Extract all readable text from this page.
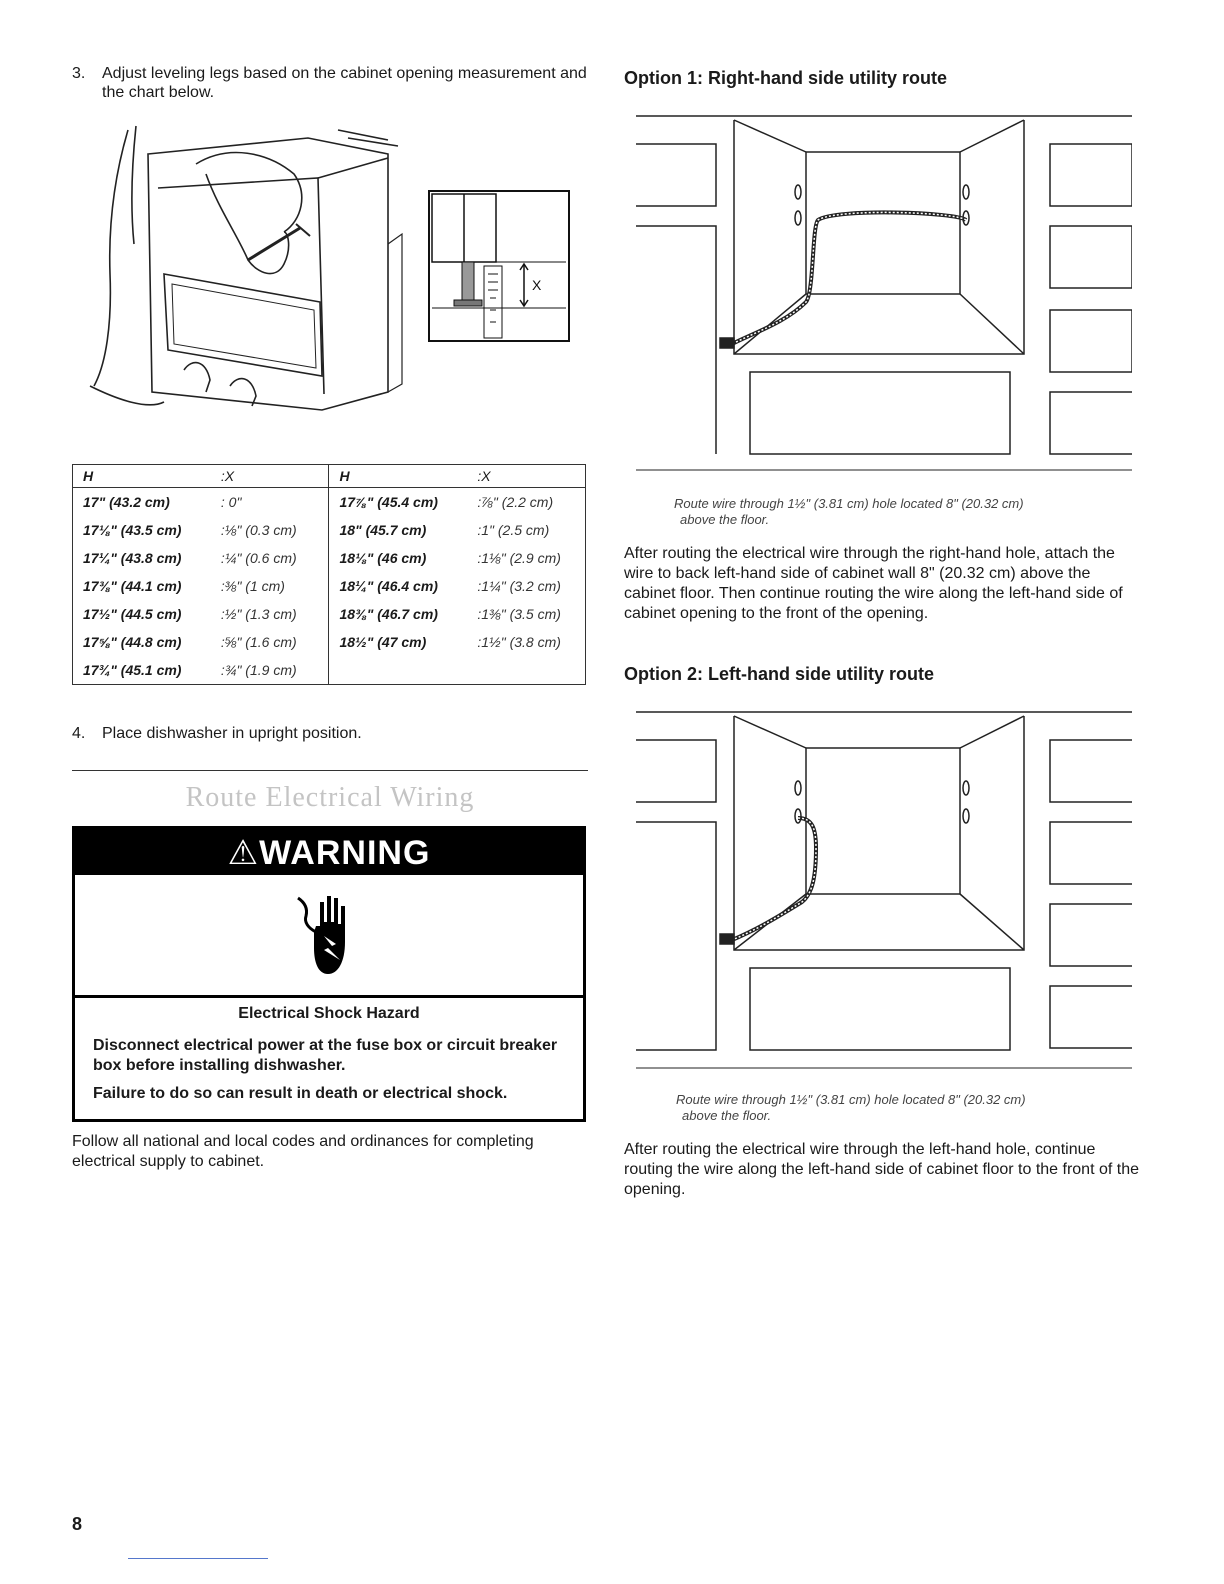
3.	Adjust leveling legs based on the cabinet opening measurement and the chart below.
X
H	:X	H	:X
17" (43.2 cm)	: 0"	17⅞" (45.4 cm)	:⅞" (2.2 cm)
17⅛" (43.5 cm)	:⅛" (0.3 cm)	18" (45.7 cm)	:1" (2.5 cm)
17¼" (43.8 cm)	:¼" (0.6 cm)	18⅛" (46 cm)	:1⅛" (2.9 cm)
17⅜" (44.1 cm)	:⅜" (1 cm)	18¼" (46.4 cm)	:1¼" (3.2 cm)
17½" (44.5 cm)	:½" (1.3 cm)	18⅜" (46.7 cm)	:1⅜" (3.5 cm)
17⅝" (44.8 cm)	:⅝" (1.6 cm)	18½" (47 cm)	:1½" (3.8 cm)
17¾" (45.1 cm)	:¾" (1.9 cm)		
4.	Place dishwasher in upright position.
Route Electrical Wiring
⚠WARNING
Electrical Shock Hazard

Disconnect electrical power at the fuse box or circuit breaker box before installing dishwasher.

Failure to do so can result in death or electrical shock.

Follow all national and local codes and ordinances for completing electrical supply to cabinet.
Option 1: Right-hand side utility route
Route wire through 1½" (3.81 cm) hole located 8" (20.32 cm)
above the floor.
After routing the electrical wire through the right-hand hole, attach the wire to back left-hand side of cabinet wall 8" (20.32 cm) above the cabinet floor. Then continue routing the wire along the left-hand side of cabinet opening to the front of the opening.
Option 2: Left-hand side utility route
Route wire through 1½" (3.81 cm) hole located 8" (20.32 cm)
above the floor.
After routing the electrical wire through the left-hand hole, continue routing the wire along the left-hand side of cabinet floor to the front of the opening.
8
